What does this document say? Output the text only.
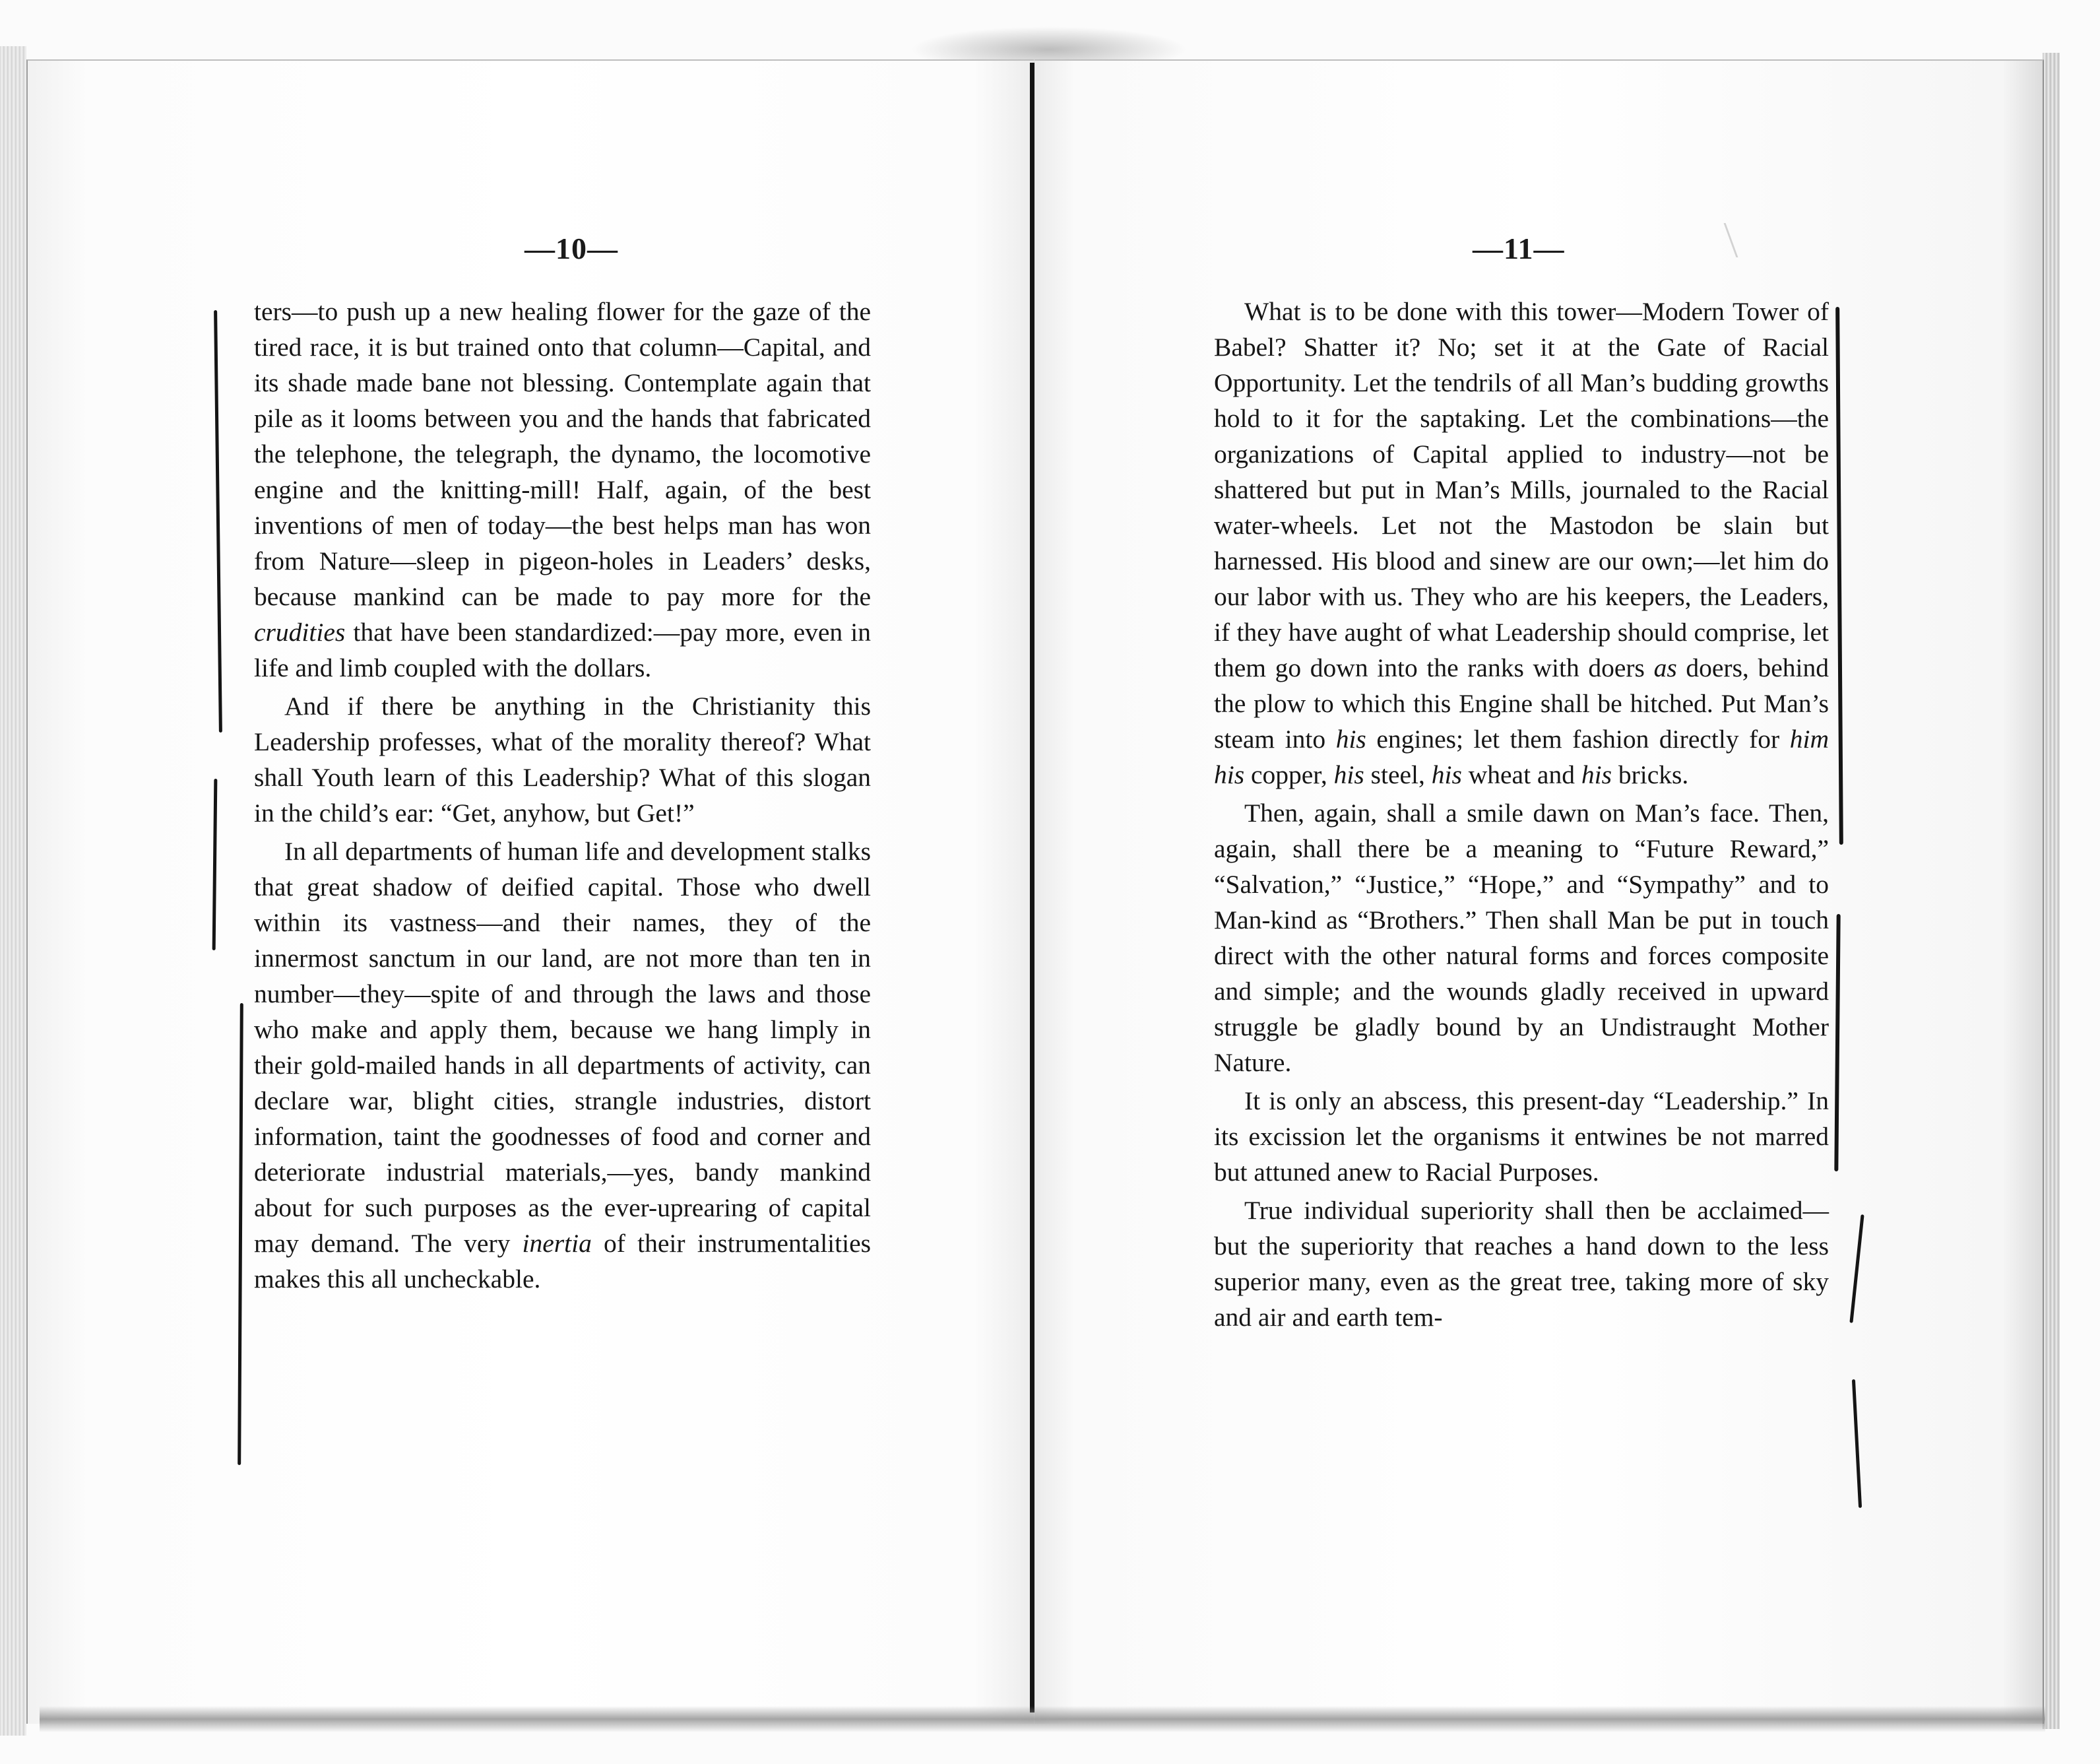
—10—	—11—

ters—to push up a new healing flower for the gaze of the tired race, it is but trained onto that column—Capital, and its shade made bane not blessing. Contemplate again that pile as it looms between you and the hands that fabricated the telephone, the telegraph, the dynamo, the locomotive engine and the knitting-mill! Half, again, of the best inventions of men of today—the best helps man has won from Nature—sleep in pigeon-holes in Leaders’ desks, because mankind can be made to pay more for the crudities that have been standardized:—pay more, even in life and limb coupled with the dollars.

And if there be anything in the Christianity this Leadership professes, what of the morality thereof? What shall Youth learn of this Leadership? What of this slogan in the child’s ear: “Get, anyhow, but Get!”

In all departments of human life and development stalks that great shadow of deified capital. Those who dwell within its vastness—and their names, they of the innermost sanctum in our land, are not more than ten in number—they—spite of and through the laws and those who make and apply them, because we hang limply in their gold-mailed hands in all departments of activity, can declare war, blight cities, strangle industries, distort information, taint the goodnesses of food and corner and deteriorate industrial materials,—yes, bandy mankind about for such purposes as the ever-uprearing of capital may demand. The very inertia of their instrumentalities makes this all uncheckable.

What is to be done with this tower—Modern Tower of Babel? Shatter it? No; set it at the Gate of Racial Opportunity. Let the tendrils of all Man’s budding growths hold to it for the saptaking. Let the combinations—the organizations of Capital applied to industry—not be shattered but put in Man’s Mills, journaled to the Racial water-wheels. Let not the Mastodon be slain but harnessed. His blood and sinew are our own;—let him do our labor with us. They who are his keepers, the Leaders, if they have aught of what Leadership should comprise, let them go down into the ranks with doers as doers, behind the plow to which this Engine shall be hitched. Put Man’s steam into his engines; let them fashion directly for him his copper, his steel, his wheat and his bricks.

Then, again, shall a smile dawn on Man’s face. Then, again, shall there be a meaning to “Future Reward,” “Salvation,” “Justice,” “Hope,” and “Sympathy” and to Man-kind as “Brothers.” Then shall Man be put in touch direct with the other natural forms and forces composite and simple; and the wounds gladly received in upward struggle be gladly bound by an Undistraught Mother Nature.

It is only an abscess, this present-day “Leadership.” In its excission let the organisms it entwines be not marred but attuned anew to Racial Purposes.

True individual superiority shall then be acclaimed—but the superiority that reaches a hand down to the less superior many, even as the great tree, taking more of sky and air and earth tem-
